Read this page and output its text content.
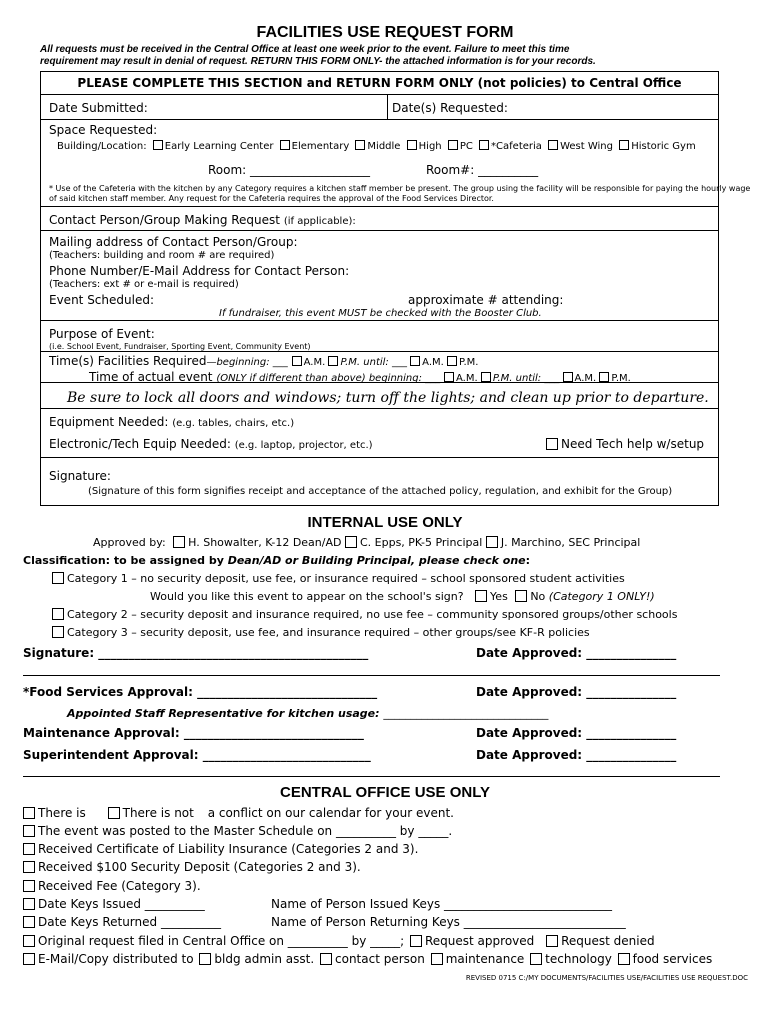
FACILITIES USE REQUEST FORM
All requests must be received in the Central Office at least one week prior to the event. Failure to meet this time
requirement may result in denial of request. RETURN THIS FORM ONLY- the attached information is for your records.
PLEASE COMPLETE THIS SECTION and RETURN FORM ONLY (not policies) to Central Office
Date Submitted:	Date(s) Requested:
Space Requested:
Building/Location: Early Learning Center Elementary Middle High PC *Cafeteria West Wing Historic Gym
Room: ____________________	Room#: __________
* Use of the Cafeteria with the kitchen by any Category requires a kitchen staff member be present. The group using the facility will be responsible for paying the hourly wage
of said kitchen staff member. Any request for the Cafeteria requires the approval of the Food Services Director.
Contact Person/Group Making Request (if applicable):
Mailing address of Contact Person/Group:
(Teachers: building and room # are required)
Phone Number/E-Mail Address for Contact Person:
(Teachers: ext # or e-mail is required)
Event Scheduled:	approximate # attending:
If fundraiser, this event MUST be checked with the Booster Club.
Purpose of Event:
(i.e. School Event, Fundraiser, Sporting Event, Community Event)
Time(s) Facilities Required—beginning: ___ A.M. P.M. until: ___ A.M. P.M.
Time of actual event (ONLY if different than above) beginning: ___ A.M. P.M. until: ___ A.M. P.M.
Be sure to lock all doors and windows; turn off the lights; and clean up prior to departure.
Equipment Needed: (e.g. tables, chairs, etc.)
Electronic/Tech Equip Needed: (e.g. laptop, projector, etc.)	Need Tech help w/setup
Signature:
(Signature of this form signifies receipt and acceptance of the attached policy, regulation, and exhibit for the Group)
INTERNAL USE ONLY
Approved by: H. Showalter, K-12 Dean/AD C. Epps, PK-5 Principal J. Marchino, SEC Principal
Classification: to be assigned by Dean/AD or Building Principal, please check one:
Category 1 – no security deposit, use fee, or insurance required – school sponsored student activities
Would you like this event to appear on the school's sign? Yes No (Category 1 ONLY!)
Category 2 – security deposit and insurance required, no use fee – community sponsored groups/other schools
Category 3 – security deposit, use fee, and insurance required – other groups/see KF-R policies
Signature: _____________________________________________	Date Approved: _______________
*Food Services Approval: ______________________________	Date Approved: _______________
Appointed Staff Representative for kitchen usage: ______________________________
Maintenance Approval: ______________________________	Date Approved: _______________
Superintendent Approval: ____________________________	Date Approved: _______________
CENTRAL OFFICE USE ONLY
There is	There is not a conflict on our calendar for your event.
The event was posted to the Master Schedule on __________ by _____.
Received Certificate of Liability Insurance (Categories 2 and 3).
Received $100 Security Deposit (Categories 2 and 3).
Received Fee (Category 3).
Date Keys Issued __________	Name of Person Issued Keys ____________________________
Date Keys Returned __________	Name of Person Returning Keys ___________________________
Original request filed in Central Office on __________ by _____; Request approved Request denied
E-Mail/Copy distributed to bldg admin asst. contact person maintenance technology food services
REVISED 0715 C:/MY DOCUMENTS/FACILITIES USE/FACILITIES USE REQUEST.DOC
